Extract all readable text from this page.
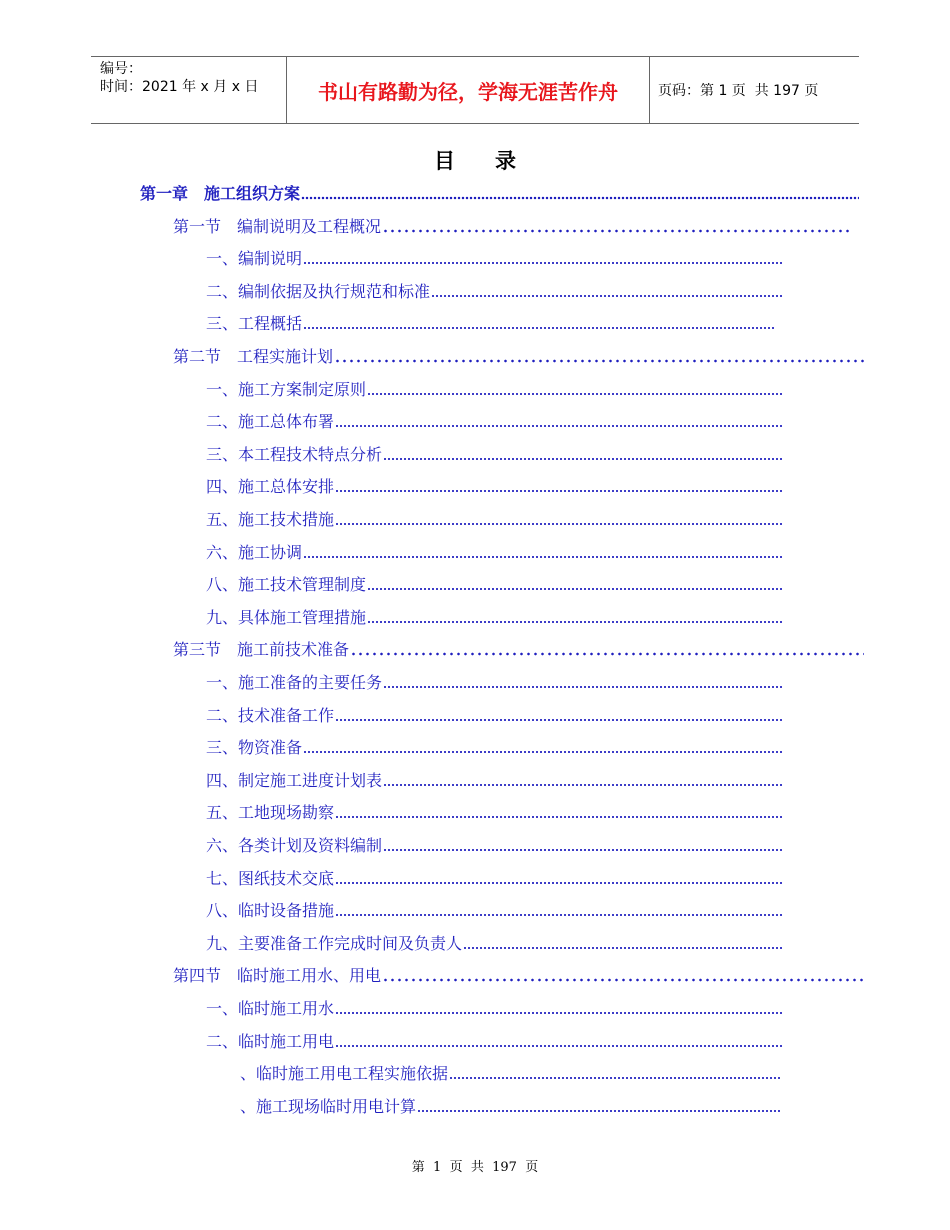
编号：
时间：2021 年 x 月 x 日	书山有路勤为径，学海无涯苦作舟	页码：第 1 页  共 197 页
目录
第一章　施工组织方案
第一节　编制说明及工程概况
一、编制说明
二、编制依据及执行规范和标准
三、工程概括
第二节　工程实施计划
一、施工方案制定原则
二、施工总体布署
三、本工程技术特点分析
四、施工总体安排
五、施工技术措施
六、施工协调
八、施工技术管理制度
九、具体施工管理措施
第三节　施工前技术准备
一、施工准备的主要任务
二、技术准备工作
三、物资准备
四、制定施工进度计划表
五、工地现场勘察
六、各类计划及资料编制
七、图纸技术交底
八、临时设备措施
九、主要准备工作完成时间及负责人
第四节　临时施工用水、用电
一、临时施工用水
二、临时施工用电
、临时施工用电工程实施依据
、施工现场临时用电计算
第  1  页  共  197  页
